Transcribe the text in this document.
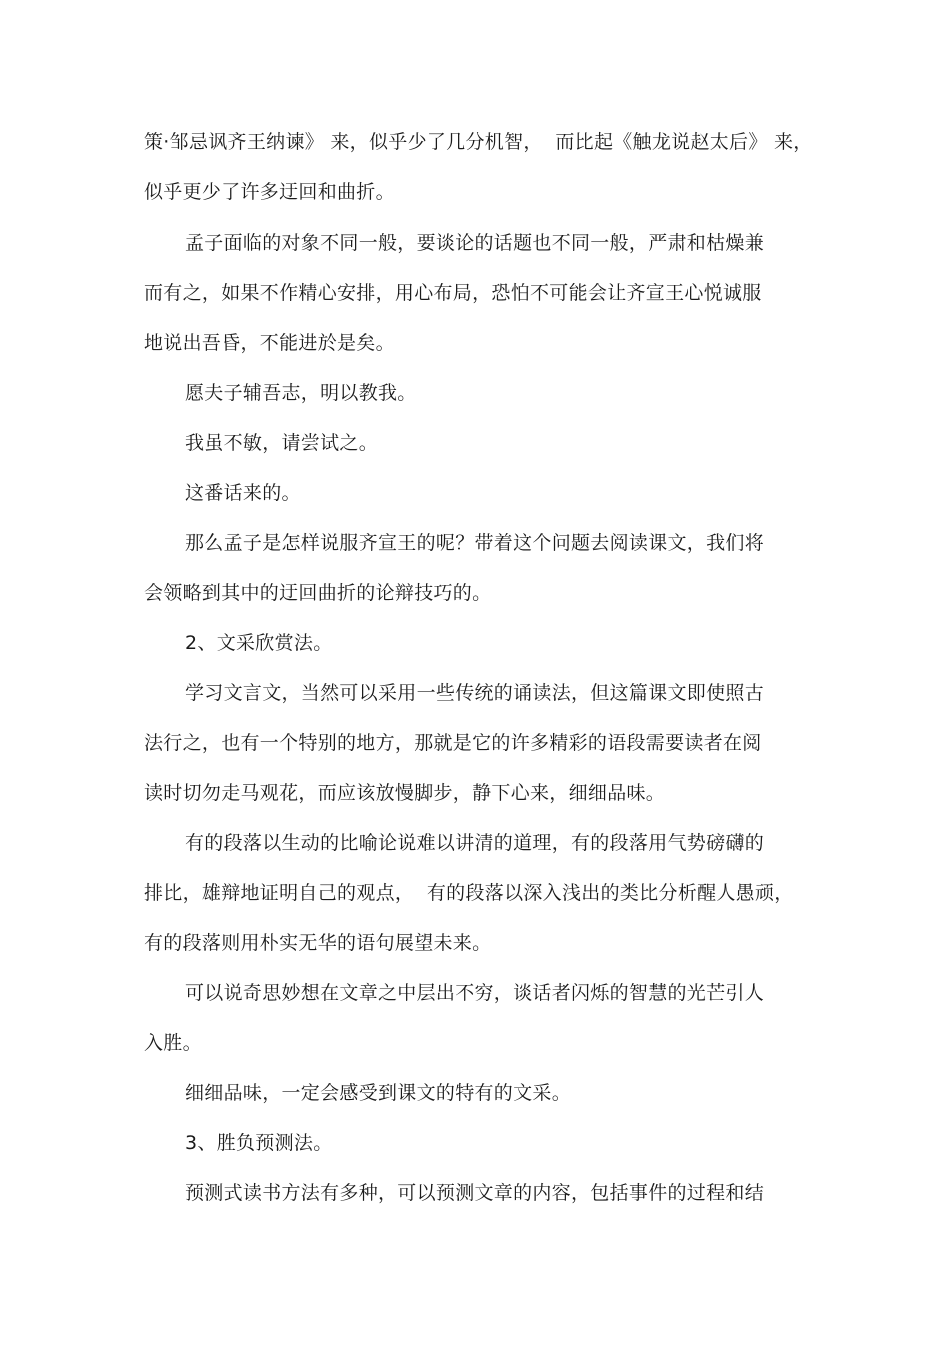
策·邹忌讽齐王纳谏》 来，似乎少了几分机智，  而比起《触龙说赵太后》 来，
似乎更少了许多迂回和曲折。
孟子面临的对象不同一般，要谈论的话题也不同一般，严肃和枯燥兼
而有之，如果不作精心安排，用心布局，恐怕不可能会让齐宣王心悦诚服
地说出吾昏，不能进於是矣。
愿夫子辅吾志，明以教我。
我虽不敏，请尝试之。
这番话来的。
那么孟子是怎样说服齐宣王的呢？带着这个问题去阅读课文，我们将
会领略到其中的迂回曲折的论辩技巧的。
2、文采欣赏法。
学习文言文，当然可以采用一些传统的诵读法，但这篇课文即使照古
法行之，也有一个特别的地方，那就是它的许多精彩的语段需要读者在阅
读时切勿走马观花，而应该放慢脚步，静下心来，细细品味。
有的段落以生动的比喻论说难以讲清的道理，有的段落用气势磅礴的
排比，雄辩地证明自己的观点，  有的段落以深入浅出的类比分析醒人愚顽，
有的段落则用朴实无华的语句展望未来。
可以说奇思妙想在文章之中层出不穷，谈话者闪烁的智慧的光芒引人
入胜。
细细品味，一定会感受到课文的特有的文采。
3、胜负预测法。
预测式读书方法有多种，可以预测文章的内容，包括事件的过程和结
